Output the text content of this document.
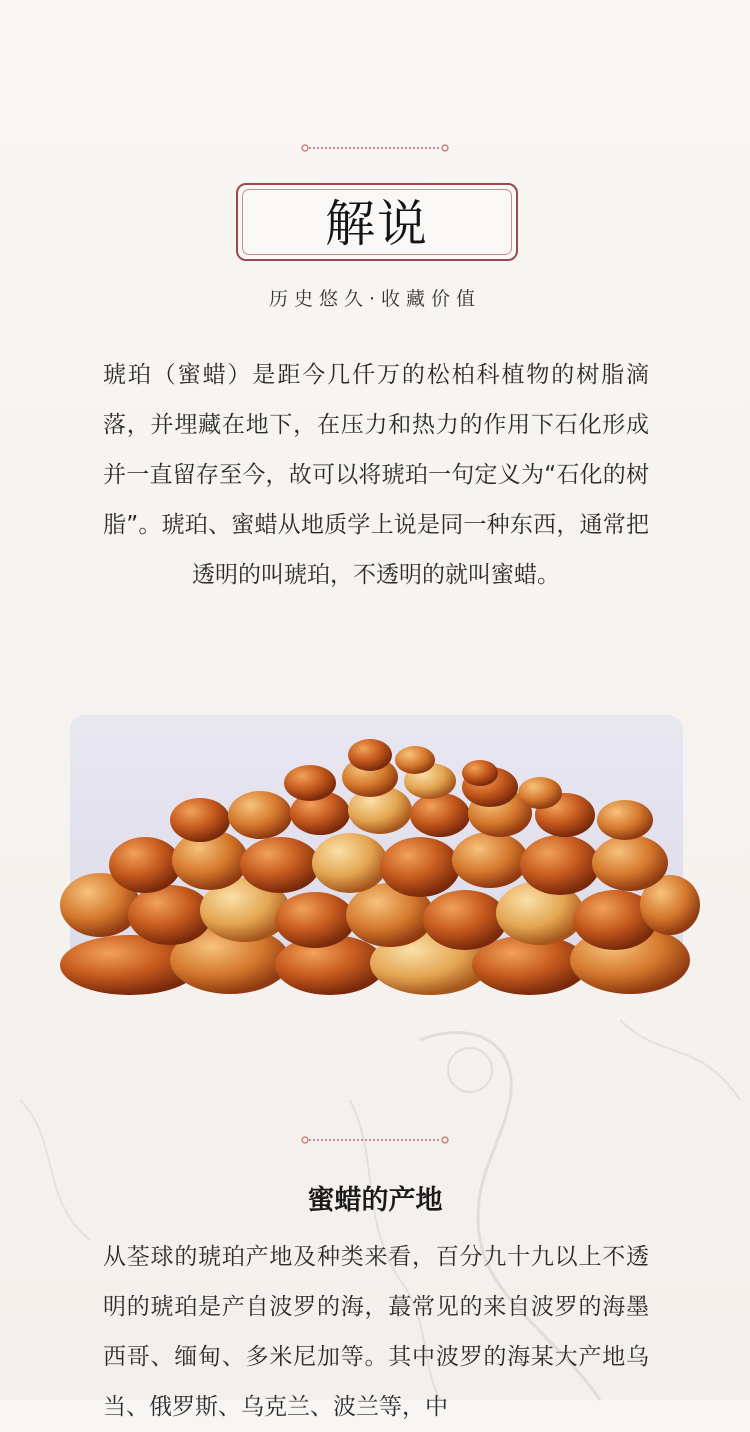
解说
历史悠久·收藏价值
琥珀（蜜蜡）是距今几仟万的松柏科植物的树脂滴落，并埋藏在地下，在压力和热力的作用下石化形成并一直留存至今，故可以将琥珀一句定义为“石化的树脂”。琥珀、蜜蜡从地质学上说是同一种东西，通常把透明的叫琥珀，不透明的就叫蜜蜡。
蜜蜡的产地
从荃球的琥珀产地及种类来看，百分九十九以上不透明的琥珀是产自波罗的海，蕞常见的来自波罗的海墨西哥、缅甸、多米尼加等。其中波罗的海某大产地乌当、俄罗斯、乌克兰、波兰等，中
